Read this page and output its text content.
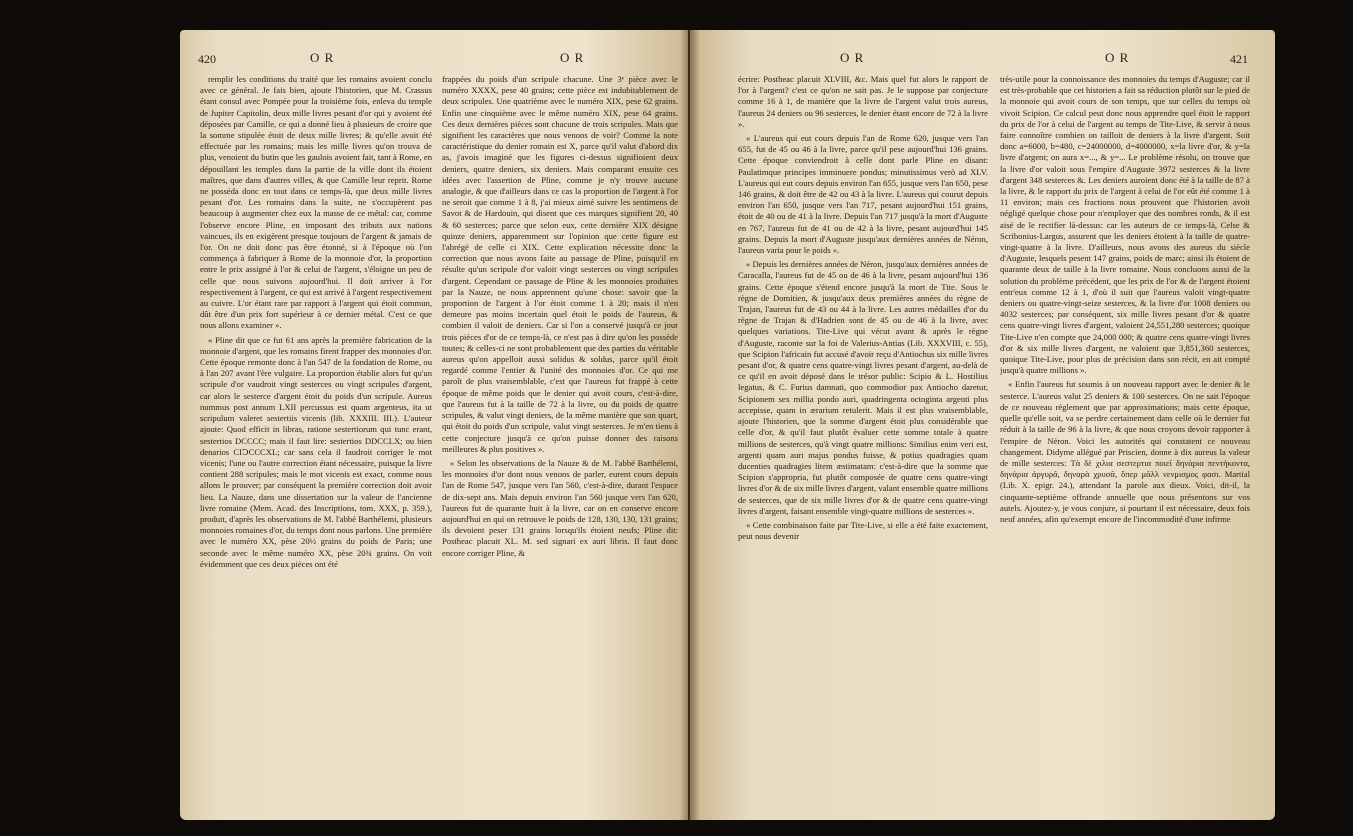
420	O R	O R

remplir les conditions du traité que les romains avoient conclu avec ce général. Je fais bien, ajoute l'historien, que M. Crassus étant consul avec Pompée pour la troisième fois, enleva du temple de Jupiter Capitolin, deux mille livres pesant d'or qui y avoient été déposées par Camille, ce qui a donné lieu à plusieurs de croire que la somme stipulée étoit de deux mille livres; & qu'elle avoit été effectuée par les romains; mais les mille livres qu'on trouva de plus, venoient du butin que les gaulois avoient fait, tant à Rome, en dépouillant les temples dans la partie de la ville dont ils étoient maîtres, que dans d'autres villes, & que Camille leur reprit. Rome ne posséda donc en tout dans ce temps-là, que deux mille livres pesant d'or. Les romains dans la suite, ne s'occupèrent pas beaucoup à augmenter chez eux la masse de ce métal: car, comme l'observe encore Pline, en imposant des tributs aux nations vaincues, ils en exigèrent presque toujours de l'argent & jamais de l'or. On ne doit donc pas être étonné, si à l'époque où l'on commença à fabriquer à Rome de la monnoie d'or, la proportion entre le prix assigné à l'or & celui de l'argent, s'éloigne un peu de celle que nous suivons aujourd'hui. Il doit arriver à l'or respectivement à l'argent, ce qui est arrivé à l'argent respectivement au cuivre. L'or étant rare par rapport à l'argent qui étoit commun, dût être d'un prix fort supérieur à ce dernier métal. C'est ce que nous allons examiner ».

« Pline dit que ce fut 61 ans après la première fabrication de la monnoie d'argent, que les romains firent frapper des monnoies d'or. Cette époque remonte donc à l'an 547 de la fondation de Rome, ou à l'an 207 avant l'ère vulgaire. La proportion établie alors fut qu'un scripule d'or vaudroit vingt sesterces ou vingt scripules d'argent, car alors le sesterce d'argent étoit du poids d'un scripule. Aureus nummus post annum LXII percussus est quam argenteus, ita ut scripulum valeret sestertiis vicenis (lib. XXXIII. III.). L'auteur ajoute: Quod efficit in libras, ratione sestertiorum qui tunc erant, sestertios DCCCC; mais il faut lire: sestertios DDCCLX; ou bien denarios CIↃCCCXL; car sans cela il faudroit corriger le mot vicenis; l'une ou l'autre correction étant nécessaire, puisque la livre contient 288 scripules; mais le mot vicenis est exact, comme nous allons le prouver; par conséquent la première correction doit avoir lieu. La Nauze, dans une dissertation sur la valeur de l'ancienne livre romaine (Mem. Acad. des Inscriptions, tom. XXX, p. 359.), produit, d'après les observations de M. l'abbé Barthélemi, plusieurs monnoies romaines d'or, du temps dont nous parlons. Une première avec le numéro XX, pèse 20½ grains du poids de Paris; une seconde avec le même numéro XX, pèse 20¾ grains. On voit évidemment que ces deux pièces ont été

frappées du poids d'un scripule chacune. Une 3ᵉ pièce avec le numéro XXXX, pese 40 grains; cette pièce est indubitablement de deux scripules. Une quatrième avec le numéro XIX, pese 62 grains. Enfin une cinquième avec le même numéro XIX, pese 64 grains. Ces deux dernières pièces sont chacune de trois scripules. Mais que signifient les caractères que nous venons de voir? Comme la note caractéristique du denier romain est X, parce qu'il valut d'abord dix as, j'avois imaginé que les figures ci-dessus signifioient deux deniers, quatre deniers, six deniers. Mais comparant ensuite ces idées avec l'assertion de Pline, comme je n'y trouve aucune analogie, & que d'ailleurs dans ce cas la proportion de l'argent à l'or ne seroit que comme 1 à 8, j'ai mieux aimé suivre les sentimens de Savot & de Hardouin, qui disent que ces marques signifient 20, 40 & 60 sesterces; parce que selon eux, cette dernière XIX désigne quinze deniers, apparemment sur l'opinion que cette figure est l'abrégé de celle ci XIX. Cette explication nécessite donc la correction que nous avons faite au passage de Pline, puisqu'il en résulte qu'un scripule d'or valoit vingt sesterces ou vingt scripules d'argent. Cependant ce passage de Pline & les monnoies produites par la Nauze, ne nous apprennent qu'une chose: savoir que la proportion de l'argent à l'or étoit comme 1 à 20; mais il n'en demeure pas moins incertain quel étoit le poids de l'aureus, & combien il valoit de deniers. Car si l'on a conservé jusqu'à ce jour trois pièces d'or de ce temps-là, ce n'est pas à dire qu'on les possède toutes; & celles-ci ne sont probablement que des parties du véritable aureus qu'on appelloit aussi solidus & soldus, parce qu'il étoit regardé comme l'entier & l'unité des monnoies d'or. Ce qui me paroît de plus vraisemblable, c'est que l'aureus fut frappé à cette époque de même poids que le denier qui avoit cours, c'est-à-dire, que l'aureus fut à la taille de 72 à la livre, ou du poids de quatre scripules, & valut vingt deniers, de la même manière que son quart, qui étoit du poids d'un scripule, valut vingt sesterces. Je m'en tiens à cette conjecture jusqu'à ce qu'on puisse donner des raisons meilleures & plus positives ».

« Selon les observations de la Nauze & de M. l'abbé Barthélemi, les monnoies d'or dont nous venons de parler, eurent cours depuis l'an de Rome 547, jusque vers l'an 560, c'est-à-dire, durant l'espace de dix-sept ans. Mais depuis environ l'an 560 jusque vers l'an 620, l'aureus fut de quarante huit à la livre, car on en conserve encore aujourd'hui en qui on retrouve le poids de 128, 130, 130, 131 grains; ils devoient peser 131 grains lorsqu'ils étoient neufs; Pline dit: Postheac placuit XL. M. sed signari ex auri libris. Il faut donc encore corriger Pline, &

O R	O R	421

écrire: Postheac placuit XLVIII, &c. Mais quel fut alors le rapport de l'or à l'argent? c'est ce qu'on ne sait pas. Je le suppose par conjecture comme 16 à 1, de manière que la livre de l'argent valut trois aureus, l'aureus 24 deniers ou 96 sesterces, le denier étant encore de 72 à la livre ».

« L'aureus qui eut cours depuis l'an de Rome 620, jusque vers l'an 655, fut de 45 ou 46 à la livre, parce qu'il pese aujourd'hui 136 grains. Cette époque conviendroit à celle dont parle Pline en disant: Paulatimque principes imminuere pondus; minutissimus verò ad XLV. L'aureus qui eut cours depuis environ l'an 655, jusque vers l'an 650, pese 146 grains, & doit être de 42 ou 43 à la livre. L'aureus qui courut depuis environ l'an 650, jusque vers l'an 717, pesant aujourd'hui 151 grains, étoit de 40 ou de 41 à la livre. Depuis l'an 717 jusqu'à la mort d'Auguste en 767, l'aureus fut de 41 ou de 42 à la livre, pesant aujourd'hui 145 grains. Depuis la mort d'Auguste jusqu'aux dernières années de Néron, l'aureus varia pour le poids ».

« Depuis les dernières années de Néron, jusqu'aux dernières années de Caracalla, l'aureus fut de 45 ou de 46 à la livre, pesant aujourd'hui 136 grains. Cette époque s'étend encore jusqu'à la mort de Tite. Sous le règne de Domitien, & jusqu'aux deux premières années du règne de Trajan, l'aureus fut de 43 ou 44 à la livre. Les autres médailles d'or du règne de Trajan & d'Hadrien sont de 45 ou de 46 à la livre, avec quelques variations. Tite-Live qui vécut avant & après le règne d'Auguste, raconte sur la foi de Valerius-Antias (Lib. XXXVIII, c. 55), que Scipion l'africain fut accusé d'avoir reçu d'Antiochus six mille livres pesant d'or, & quatre cens quatre-vingt livres pesant d'argent, au-delà de ce qu'il en avoit déposé dans le trésor public: Scipio & L. Hostilius legatus, & C. Furius damnati, quo commodior pax Antiocho daretur, Scipionem sex millia pondo auri, quadringenta octoginta argenti plus accepisse, quam in ærarium retulerit. Mais il est plus vraisemblable, ajoute l'historien, que la somme d'argent étoit plus considérable que celle d'or, & qu'il faut plutôt évaluer cette somme totale à quatre millions de sesterces, qu'à vingt quatre millions: Similius enim veri est, argenti quam auri majus pondus fuisse, & potius quadragies quam ducenties quadragies litem æstimatam: c'est-à-dire que la somme que Scipion s'appropria, fut plutôt composée de quatre cens quatre-vingt livres d'or & de six mille livres d'argent, valant ensemble quatre millions de sesterces, que de six mille livres d'or & de quatre cens quatre-vingt livres d'argent, faisant ensemble vingt-quatre millions de sesterces ».

« Cette combinaison faite par Tite-Live, si elle a été faite exactement, peut nous devenir

très-utile pour la connoissance des monnoies du temps d'Auguste; car il est très-probable que cet historien a fait sa réduction plutôt sur le pied de la monnoie qui avoit cours de son temps, que sur celles du temps où vivoit Scipion. Ce calcul peut donc nous apprendre quel étoit le rapport du prix de l'or à celui de l'argent au temps de Tite-Live, & servir à nous faire connoître combien on tailloit de deniers à la livre d'argent. Soit donc a=6000, b=480, c=24000000, d=4000000, x=la livre d'or, & y=la livre d'argent; on aura x=..., & y=... Le problème résolu, on trouve que la livre d'or valoit sous l'empire d'Auguste 3972 sesterces & la livre d'argent 348 sesterces &. Les deniers auroient donc été à la taille de 87 à la livre, & le rapport du prix de l'argent à celui de l'or eût été comme 1 à 11 environ; mais ces fractions nous prouvent que l'historien avoit négligé quelque chose pour n'employer que des nombres ronds, & il est aisé de le rectifier là-dessus: car les auteurs de ce temps-là, Celse & Scribonius-Largus, assurent que les deniers étoient à la taille de quatre-vingt-quatre à la livre. D'ailleurs, nous avons des aureus du siècle d'Auguste, lesquels pesent 147 grains, poids de marc; ainsi ils étoient de quarante deux de taille à la livre romaine. Nous concluons aussi de la solution du problème précédent, que les prix de l'or & de l'argent étoient entr'eux comme 12 à 1, d'où il suit que l'aureus valoit vingt-quatre deniers ou quatre-vingt-seize sesterces, & la livre d'or 1008 deniers ou 4032 sesterces; par conséquent, six mille livres pesant d'or & quatre cens quatre-vingt livres d'argent, valoient 24,551,280 sesterces; quoique Tite-Live n'en compte que 24,000 000; & quatre cens quatre-vingt livres d'or & six mille livres d'argent, ne valoient que 3,851,360 sesterces, quoique Tite-Live, pour plus de précision dans son récit, en ait compté jusqu'à quatre millions ».

« Enfin l'aureus fut soumis à un nouveau rapport avec le denier & le sesterce. L'aureus valut 25 deniers & 100 sesterces. On ne sait l'époque de ce nouveau réglement que par approximations; mais cette époque, quelle qu'elle soit, va se perdre certainement dans celle où le dernier fut réduit à la taille de 96 à la livre, & que nous croyons devoir rapporter à l'empire de Néron. Voici les autorités qui constatent ce nouveau changement. Didyme allégué par Priscien, donne à dix aureus la valeur de mille sesterces: Τὰ δὲ χιλια σεστερτια ποιεῖ δηνάρια πεντήκοντα, δηνάρια ἀργυρᾶ, δηναρὰ χρυσᾶ, ὅπερ μᾶλλ νενμισμος φασι. Martial (Lib. X. epigr. 24.), attendant la parole aux dieux. Voici, dit-il, la cinquante-septième offrande annuelle que nous présentons sur vos autels. Ajoutez-y, je vous conjure, si pourtant il est nécessaire, deux fois neuf années, afin qu'exempt encore de l'incommodité d'une infirme
